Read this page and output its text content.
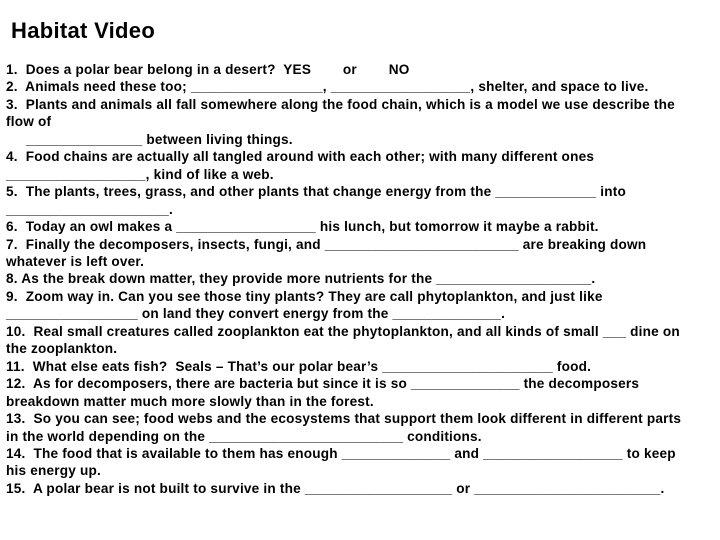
Habitat Video
1.  Does a polar bear belong in a desert?  YES        or        NO
2.  Animals need these too; _________________, __________________, shelter, and space to live.
3.  Plants and animals all fall somewhere along the food chain, which is a model we use describe the
flow of
_______________ between living things.
4.  Food chains are actually all tangled around with each other; with many different ones
__________________, kind of like a web.
5.  The plants, trees, grass, and other plants that change energy from the _____________ into
_____________________.
6.  Today an owl makes a __________________ his lunch, but tomorrow it maybe a rabbit.
7.  Finally the decomposers, insects, fungi, and _________________________ are breaking down
whatever is left over.
8. As the break down matter, they provide more nutrients for the ____________________.
9.  Zoom way in. Can you see those tiny plants? They are call phytoplankton, and just like
_________________ on land they convert energy from the ______________.
10.  Real small creatures called zooplankton eat the phytoplankton, and all kinds of small ___ dine on
the zooplankton.
11.  What else eats fish?  Seals – That’s our polar bear’s ______________________ food.
12.  As for decomposers, there are bacteria but since it is so ______________ the decomposers
breakdown matter much more slowly than in the forest.
13.  So you can see; food webs and the ecosystems that support them look different in different parts
in the world depending on the _________________________ conditions.
14.  The food that is available to them has enough ______________ and __________________ to keep
his energy up.
15.  A polar bear is not built to survive in the ___________________ or ________________________.
